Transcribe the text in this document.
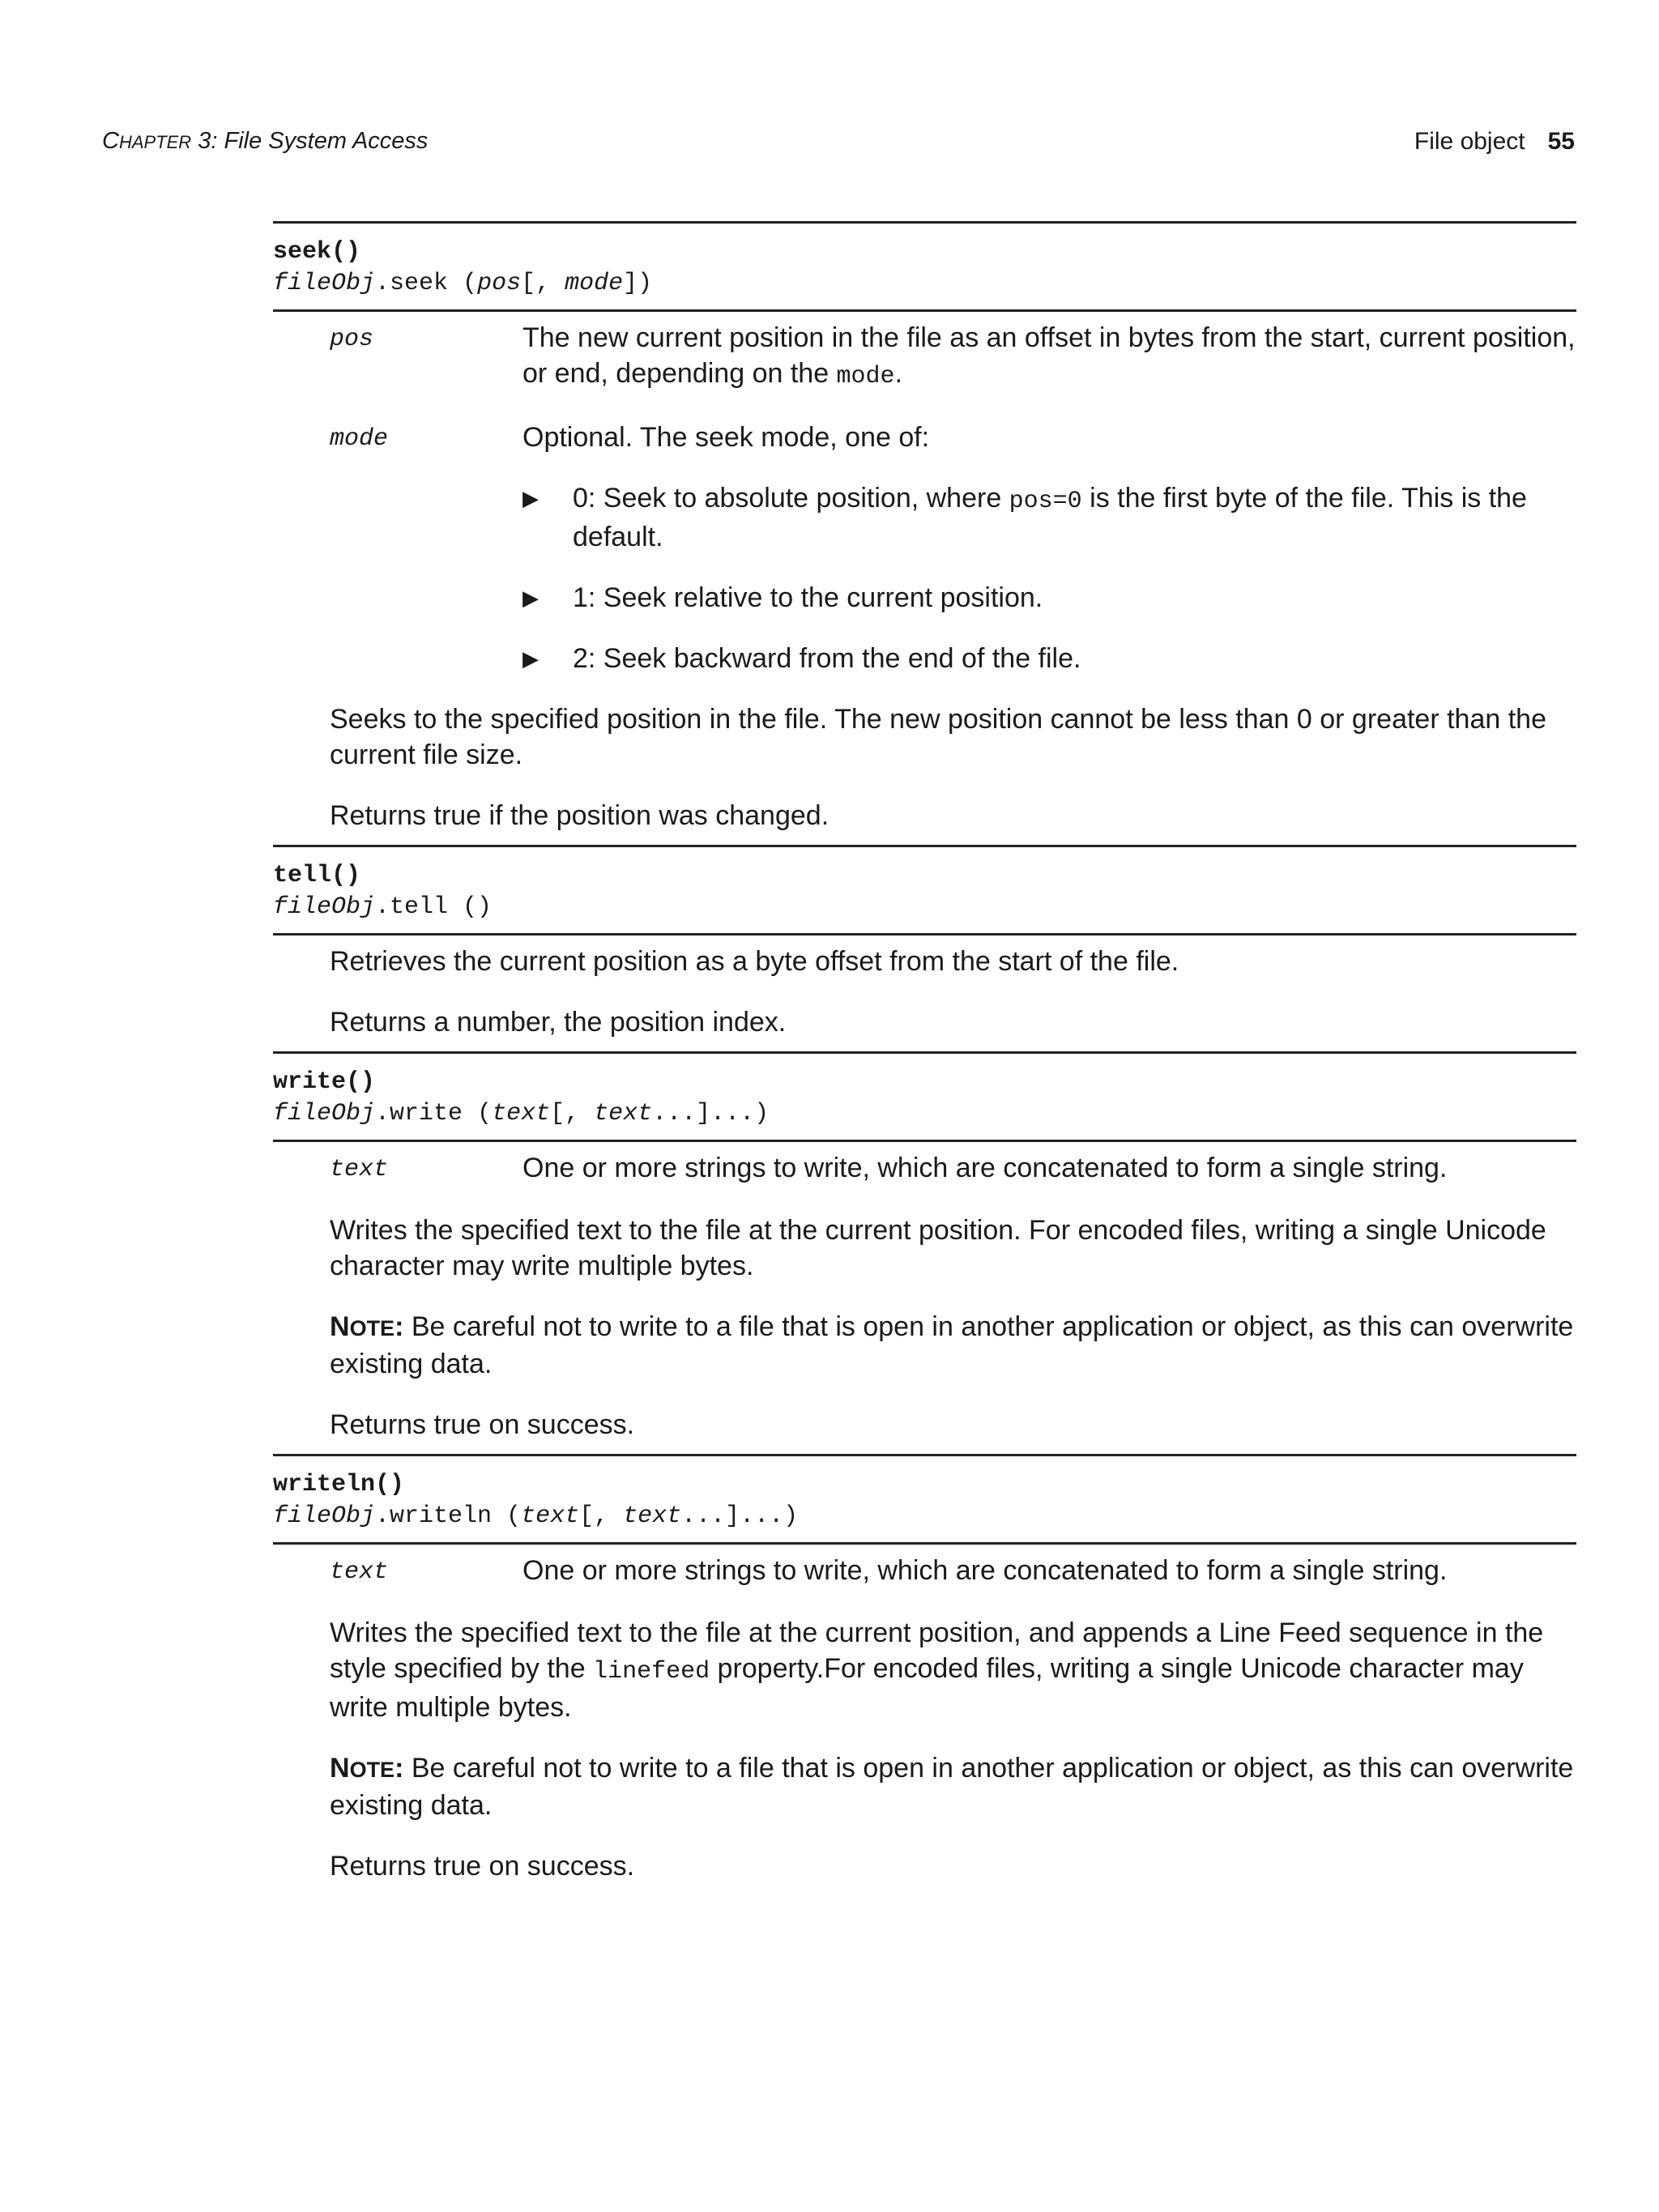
CHAPTER 3: File System Access	File object 55
seek()
fileObj.seek (pos[, mode])
pos	The new current position in the file as an offset in bytes from the start, current position, or end, depending on the mode.
mode	Optional. The seek mode, one of:
▶	0: Seek to absolute position, where pos=0 is the first byte of the file. This is the default.
▶	1: Seek relative to the current position.
▶	2: Seek backward from the end of the file.
Seeks to the specified position in the file. The new position cannot be less than 0 or greater than the current file size.
Returns true if the position was changed.
tell()
fileObj.tell ()
Retrieves the current position as a byte offset from the start of the file.
Returns a number, the position index.
write()
fileObj.write (text[, text...]...)
text	One or more strings to write, which are concatenated to form a single string.
Writes the specified text to the file at the current position. For encoded files, writing a single Unicode character may write multiple bytes.
NOTE: Be careful not to write to a file that is open in another application or object, as this can overwrite existing data.
Returns true on success.
writeln()
fileObj.writeln (text[, text...]...)
text	One or more strings to write, which are concatenated to form a single string.
Writes the specified text to the file at the current position, and appends a Line Feed sequence in the style specified by the linefeed property.For encoded files, writing a single Unicode character may write multiple bytes.
NOTE: Be careful not to write to a file that is open in another application or object, as this can overwrite existing data.
Returns true on success.
